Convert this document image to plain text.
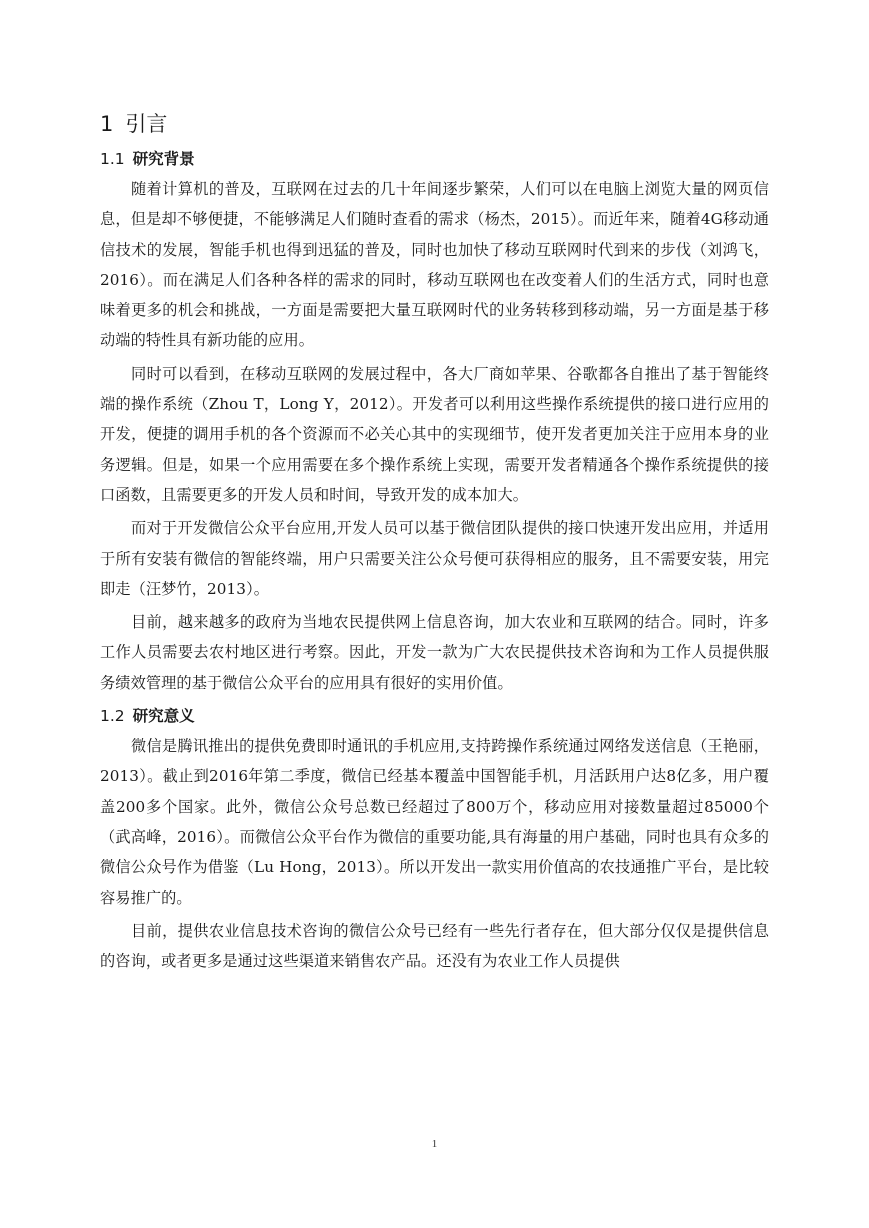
1 引言
1.1 研究背景

随着计算机的普及，互联网在过去的几十年间逐步繁荣，人们可以在电脑上浏览大量的网页信息，但是却不够便捷，不能够满足人们随时查看的需求（杨杰，2015）。而近年来，随着4G移动通信技术的发展，智能手机也得到迅猛的普及，同时也加快了移动互联网时代到来的步伐（刘鸿飞，2016）。而在满足人们各种各样的需求的同时，移动互联网也在改变着人们的生活方式，同时也意味着更多的机会和挑战，一方面是需要把大量互联网时代的业务转移到移动端，另一方面是基于移动端的特性具有新功能的应用。

同时可以看到，在移动互联网的发展过程中，各大厂商如苹果、谷歌都各自推出了基于智能终端的操作系统（Zhou T，Long Y，2012）。开发者可以利用这些操作系统提供的接口进行应用的开发，便捷的调用手机的各个资源而不必关心其中的实现细节，使开发者更加关注于应用本身的业务逻辑。但是，如果一个应用需要在多个操作系统上实现，需要开发者精通各个操作系统提供的接口函数，且需要更多的开发人员和时间，导致开发的成本加大。

而对于开发微信公众平台应用,开发人员可以基于微信团队提供的接口快速开发出应用，并适用于所有安装有微信的智能终端，用户只需要关注公众号便可获得相应的服务，且不需要安装，用完即走（汪梦竹，2013）。

目前，越来越多的政府为当地农民提供网上信息咨询，加大农业和互联网的结合。同时，许多工作人员需要去农村地区进行考察。因此，开发一款为广大农民提供技术咨询和为工作人员提供服务绩效管理的基于微信公众平台的应用具有很好的实用价值。

1.2 研究意义

微信是腾讯推出的提供免费即时通讯的手机应用,支持跨操作系统通过网络发送信息（王艳丽，2013）。截止到2016年第二季度，微信已经基本覆盖中国智能手机，月活跃用户达8亿多，用户覆盖200多个国家。此外，微信公众号总数已经超过了800万个，移动应用对接数量超过85000个（武高峰，2016）。而微信公众平台作为微信的重要功能,具有海量的用户基础，同时也具有众多的微信公众号作为借鉴（Lu Hong，2013）。所以开发出一款实用价值高的农技通推广平台，是比较容易推广的。

目前，提供农业信息技术咨询的微信公众号已经有一些先行者存在，但大部分仅仅是提供信息的咨询，或者更多是通过这些渠道来销售农产品。还没有为农业工作人员提供

1
